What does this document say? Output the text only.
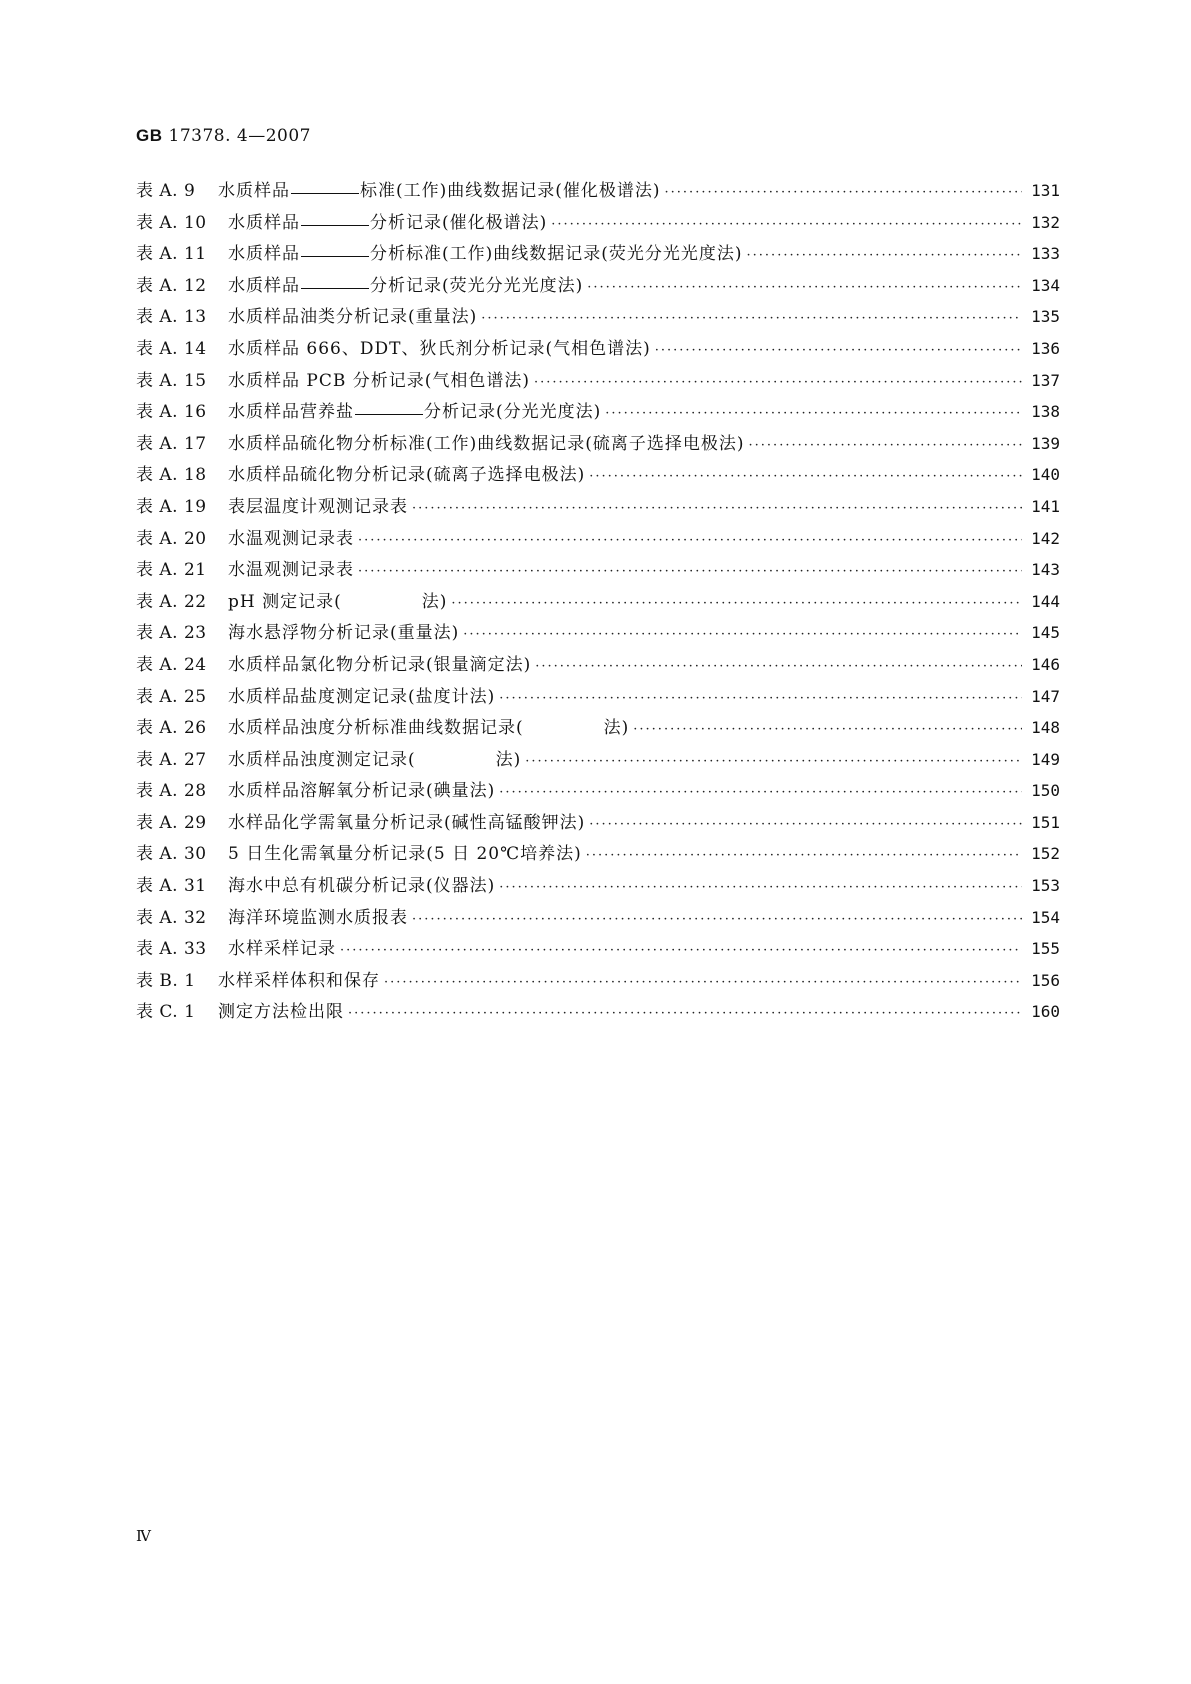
GB 17378. 4—2007
表 A. 9	水质样品	标准(工作)曲线数据记录(催化极谱法) ·····	131
表 A. 10	水质样品	分析记录(催化极谱法) ·····	132
表 A. 11	水质样品	分析标准(工作)曲线数据记录(荧光分光光度法) ·····	133
表 A. 12	水质样品	分析记录(荧光分光光度法) ·····	134
表 A. 13	水质样品油类分析记录(重量法) ·····	135
表 A. 14	水质样品 666、DDT、狄氏剂分析记录(气相色谱法) ·····	136
表 A. 15	水质样品 PCB 分析记录(气相色谱法) ·····	137
表 A. 16	水质样品营养盐	分析记录(分光光度法) ·····	138
表 A. 17	水质样品硫化物分析标准(工作)曲线数据记录(硫离子选择电极法) ·····	139
表 A. 18	水质样品硫化物分析记录(硫离子选择电极法) ·····	140
表 A. 19	表层温度计观测记录表 ·····	141
表 A. 20	水温观测记录表 ·····	142
表 A. 21	水温观测记录表 ·····	143
表 A. 22	pH 测定记录(	法) ·····	144
表 A. 23	海水悬浮物分析记录(重量法) ·····	145
表 A. 24	水质样品氯化物分析记录(银量滴定法) ·····	146
表 A. 25	水质样品盐度测定记录(盐度计法) ·····	147
表 A. 26	水质样品浊度分析标准曲线数据记录(	法) ·····	148
表 A. 27	水质样品浊度测定记录(	法) ·····	149
表 A. 28	水质样品溶解氧分析记录(碘量法) ·····	150
表 A. 29	水样品化学需氧量分析记录(碱性高锰酸钾法) ·····	151
表 A. 30	5 日生化需氧量分析记录(5 日 20℃培养法) ·····	152
表 A. 31	海水中总有机碳分析记录(仪器法) ·····	153
表 A. 32	海洋环境监测水质报表 ·····	154
表 A. 33	水样采样记录 ·····	155
表 B. 1	水样采样体积和保存 ·····	156
表 C. 1	测定方法检出限 ·····	160
Ⅳ
